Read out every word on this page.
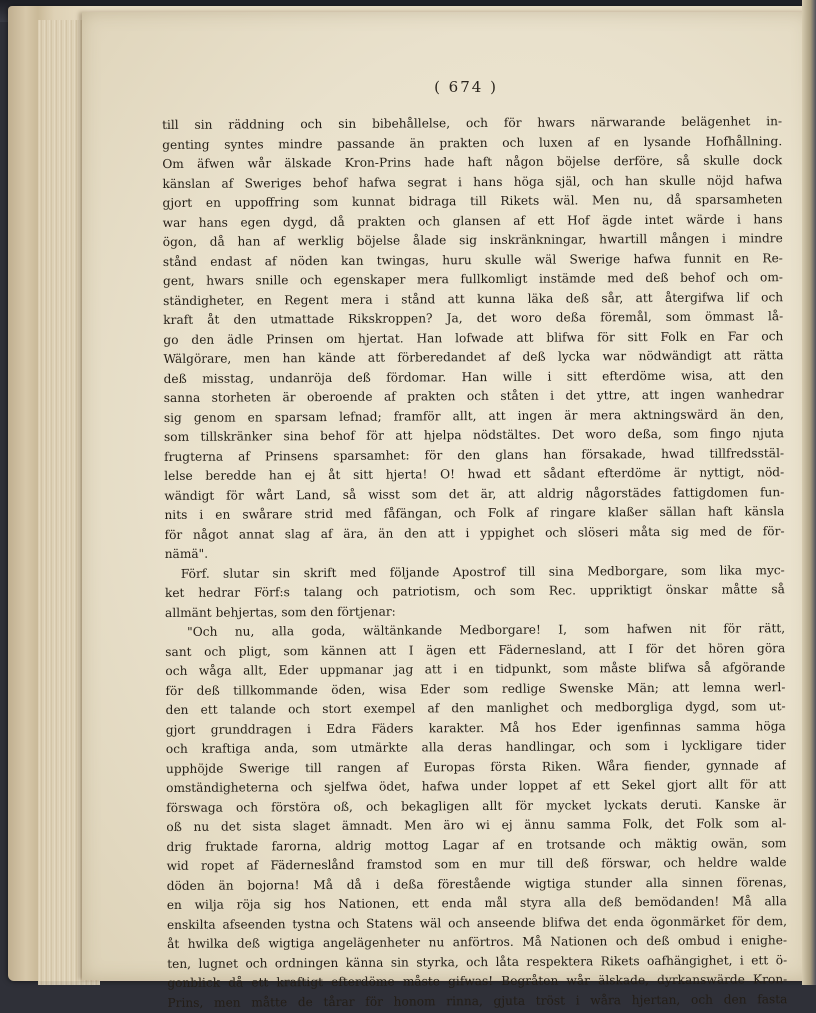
( 674 )
till sin räddning och sin bibehållelse, och för hwars närwarande belägenhet in-
genting syntes mindre passande än prakten och luxen af en lysande Hofhållning.
Om äfwen wår älskade Kron-Prins hade haft någon böjelse derföre, så skulle dock
känslan af Sweriges behof hafwa segrat i hans höga själ, och han skulle nöjd hafwa
gjort en uppoffring som kunnat bidraga till Rikets wäl. Men nu, då sparsamheten
war hans egen dygd, då prakten och glansen af ett Hof ägde intet wärde i hans
ögon, då han af werklig böjelse ålade sig inskränkningar, hwartill mången i mindre
stånd endast af nöden kan twingas, huru skulle wäl Swerige hafwa funnit en Re-
gent, hwars snille och egenskaper mera fullkomligt instämde med deß behof och om-
ständigheter, en Regent mera i stånd att kunna läka deß sår, att återgifwa lif och
kraft åt den utmattade Rikskroppen? Ja, det woro deßa föremål, som ömmast lå-
go den ädle Prinsen om hjertat. Han lofwade att blifwa för sitt Folk en Far och
Wälgörare, men han kände att förberedandet af deß lycka war nödwändigt att rätta
deß misstag, undanröja deß fördomar. Han wille i sitt efterdöme wisa, att den
sanna storheten är oberoende af prakten och ståten i det yttre, att ingen wanhedrar
sig genom en sparsam lefnad; framför allt, att ingen är mera aktningswärd än den,
som tillskränker sina behof för att hjelpa nödstältes. Det woro deßa, som fingo njuta
frugterna af Prinsens sparsamhet: för den glans han försakade, hwad tillfredsstäl-
lelse beredde han ej åt sitt hjerta! O! hwad ett sådant efterdöme är nyttigt, nöd-
wändigt för wårt Land, så wisst som det är, att aldrig någorstädes fattigdomen fun-
nits i en swårare strid med fåfängan, och Folk af ringare klaßer sällan haft känsla
för något annat slag af ära, än den att i yppighet och slöseri måta sig med de för-
nämä".
Förf. slutar sin skrift med följande Apostrof till sina Medborgare, som lika myc-
ket hedrar Förf:s talang och patriotism, och som Rec. uppriktigt önskar måtte så
allmänt behjertas, som den förtjenar:
"Och nu, alla goda, wältänkande Medborgare! I, som hafwen nit för rätt,
sant och pligt, som kännen att I ägen ett Fädernesland, att I för det hören göra
och wåga allt, Eder uppmanar jag att i en tidpunkt, som måste blifwa så afgörande
för deß tillkommande öden, wisa Eder som redlige Swenske Män; att lemna werl-
den ett talande och stort exempel af den manlighet och medborgliga dygd, som ut-
gjort grunddragen i Edra Fäders karakter. Må hos Eder igenfinnas samma höga
och kraftiga anda, som utmärkte alla deras handlingar, och som i lyckligare tider
upphöjde Swerige till rangen af Europas första Riken. Wåra fiender, gynnade af
omständigheterna och sjelfwa ödet, hafwa under loppet af ett Sekel gjort allt för att
förswaga och förstöra oß, och bekagligen allt för mycket lyckats deruti. Kanske är
oß nu det sista slaget ämnadt. Men äro wi ej ännu samma Folk, det Folk som al-
drig fruktade farorna, aldrig mottog Lagar af en trotsande och mäktig owän, som
wid ropet af Fäderneslånd framstod som en mur till deß förswar, och heldre walde
döden än bojorna! Må då i deßa förestående wigtiga stunder alla sinnen förenas,
en wilja röja sig hos Nationen, ett enda mål styra alla deß bemödanden! Må alla
enskilta afseenden tystna och Statens wäl och anseende blifwa det enda ögonmärket för dem,
åt hwilka deß wigtiga angelägenheter nu anförtros. Må Nationen och deß ombud i enighe-
ten, lugnet och ordningen känna sin styrka, och låta respektera Rikets oafhängighet, i ett ö-
gonblick då ett kraftigt efterdöme måste gifwas! Begråten wår älskade, dyrkanswärde Kron-
Prins, men måtte de tårar för honom rinna, gjuta tröst i wåra hjertan, och den fasta
